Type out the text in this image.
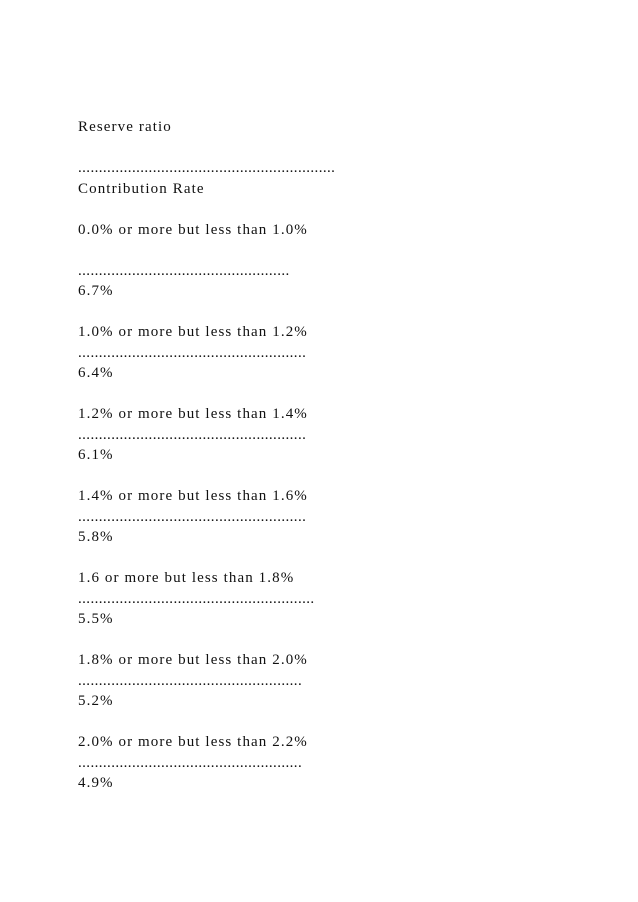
Reserve ratio
..............................................................
Contribution Rate
0.0% or more but less than 1.0%
...................................................
6.7%
1.0% or more but less than 1.2%
.......................................................
6.4%
1.2% or more but less than 1.4%
.......................................................
6.1%
1.4% or more but less than 1.6%
.......................................................
5.8%
1.6 or more but less than 1.8%
.........................................................
5.5%
1.8% or more but less than 2.0%
......................................................
5.2%
2.0% or more but less than 2.2%
......................................................
4.9%
